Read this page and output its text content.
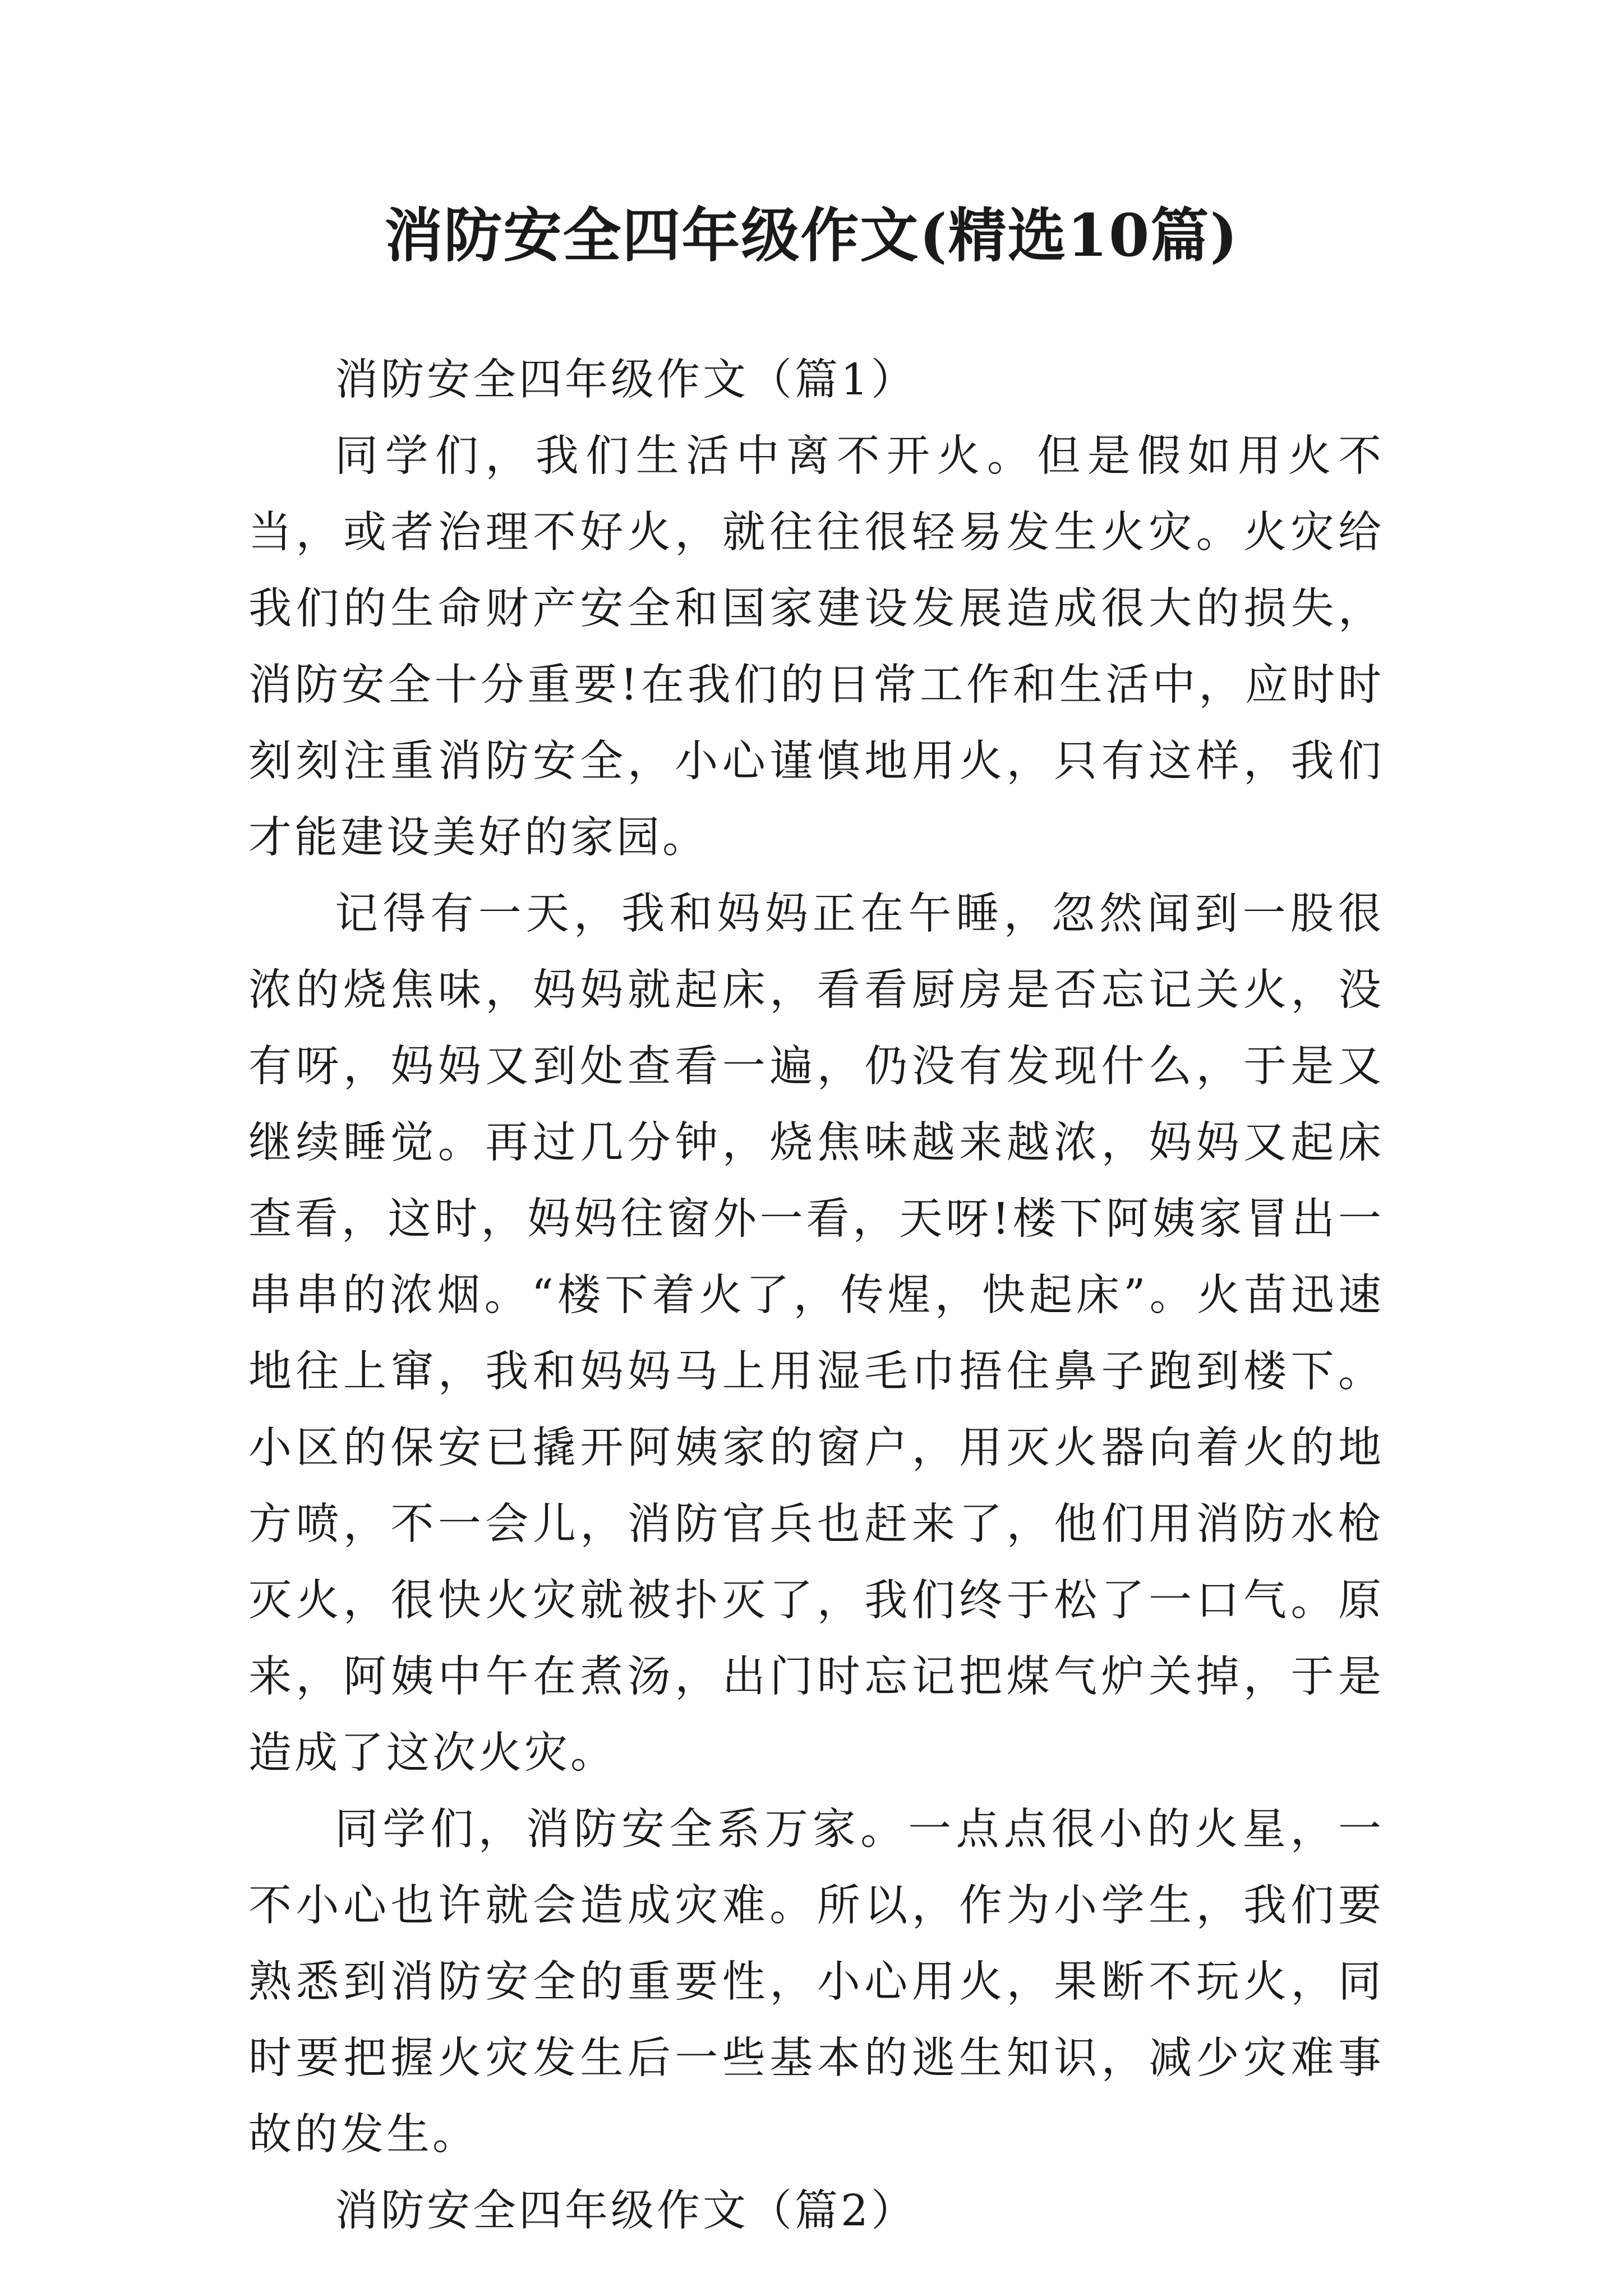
消防安全四年级作文(精选10篇)

消防安全四年级作文（篇1）

同学们，我们生活中离不开火。但是假如用火不当，或者治理不好火，就往往很轻易发生火灾。火灾给我们的生命财产安全和国家建设发展造成很大的损失，消防安全十分重要!在我们的日常工作和生活中，应时时刻刻注重消防安全，小心谨慎地用火，只有这样，我们才能建设美好的家园。

记得有一天，我和妈妈正在午睡，忽然闻到一股很浓的烧焦味，妈妈就起床，看看厨房是否忘记关火，没有呀，妈妈又到处查看一遍，仍没有发现什么，于是又继续睡觉。再过几分钟，烧焦味越来越浓，妈妈又起床查看，这时，妈妈往窗外一看，天呀!楼下阿姨家冒出一串串的浓烟。“楼下着火了，传煋，快起床”。火苗迅速地往上窜，我和妈妈马上用湿毛巾捂住鼻子跑到楼下。小区的保安已撬开阿姨家的窗户，用灭火器向着火的地方喷，不一会儿，消防官兵也赶来了，他们用消防水枪灭火，很快火灾就被扑灭了，我们终于松了一口气。原来，阿姨中午在煮汤，出门时忘记把煤气炉关掉，于是造成了这次火灾。

同学们，消防安全系万家。一点点很小的火星，一不小心也许就会造成灾难。所以，作为小学生，我们要熟悉到消防安全的重要性，小心用火，果断不玩火，同时要把握火灾发生后一些基本的逃生知识，减少灾难事故的发生。

消防安全四年级作文（篇2）
